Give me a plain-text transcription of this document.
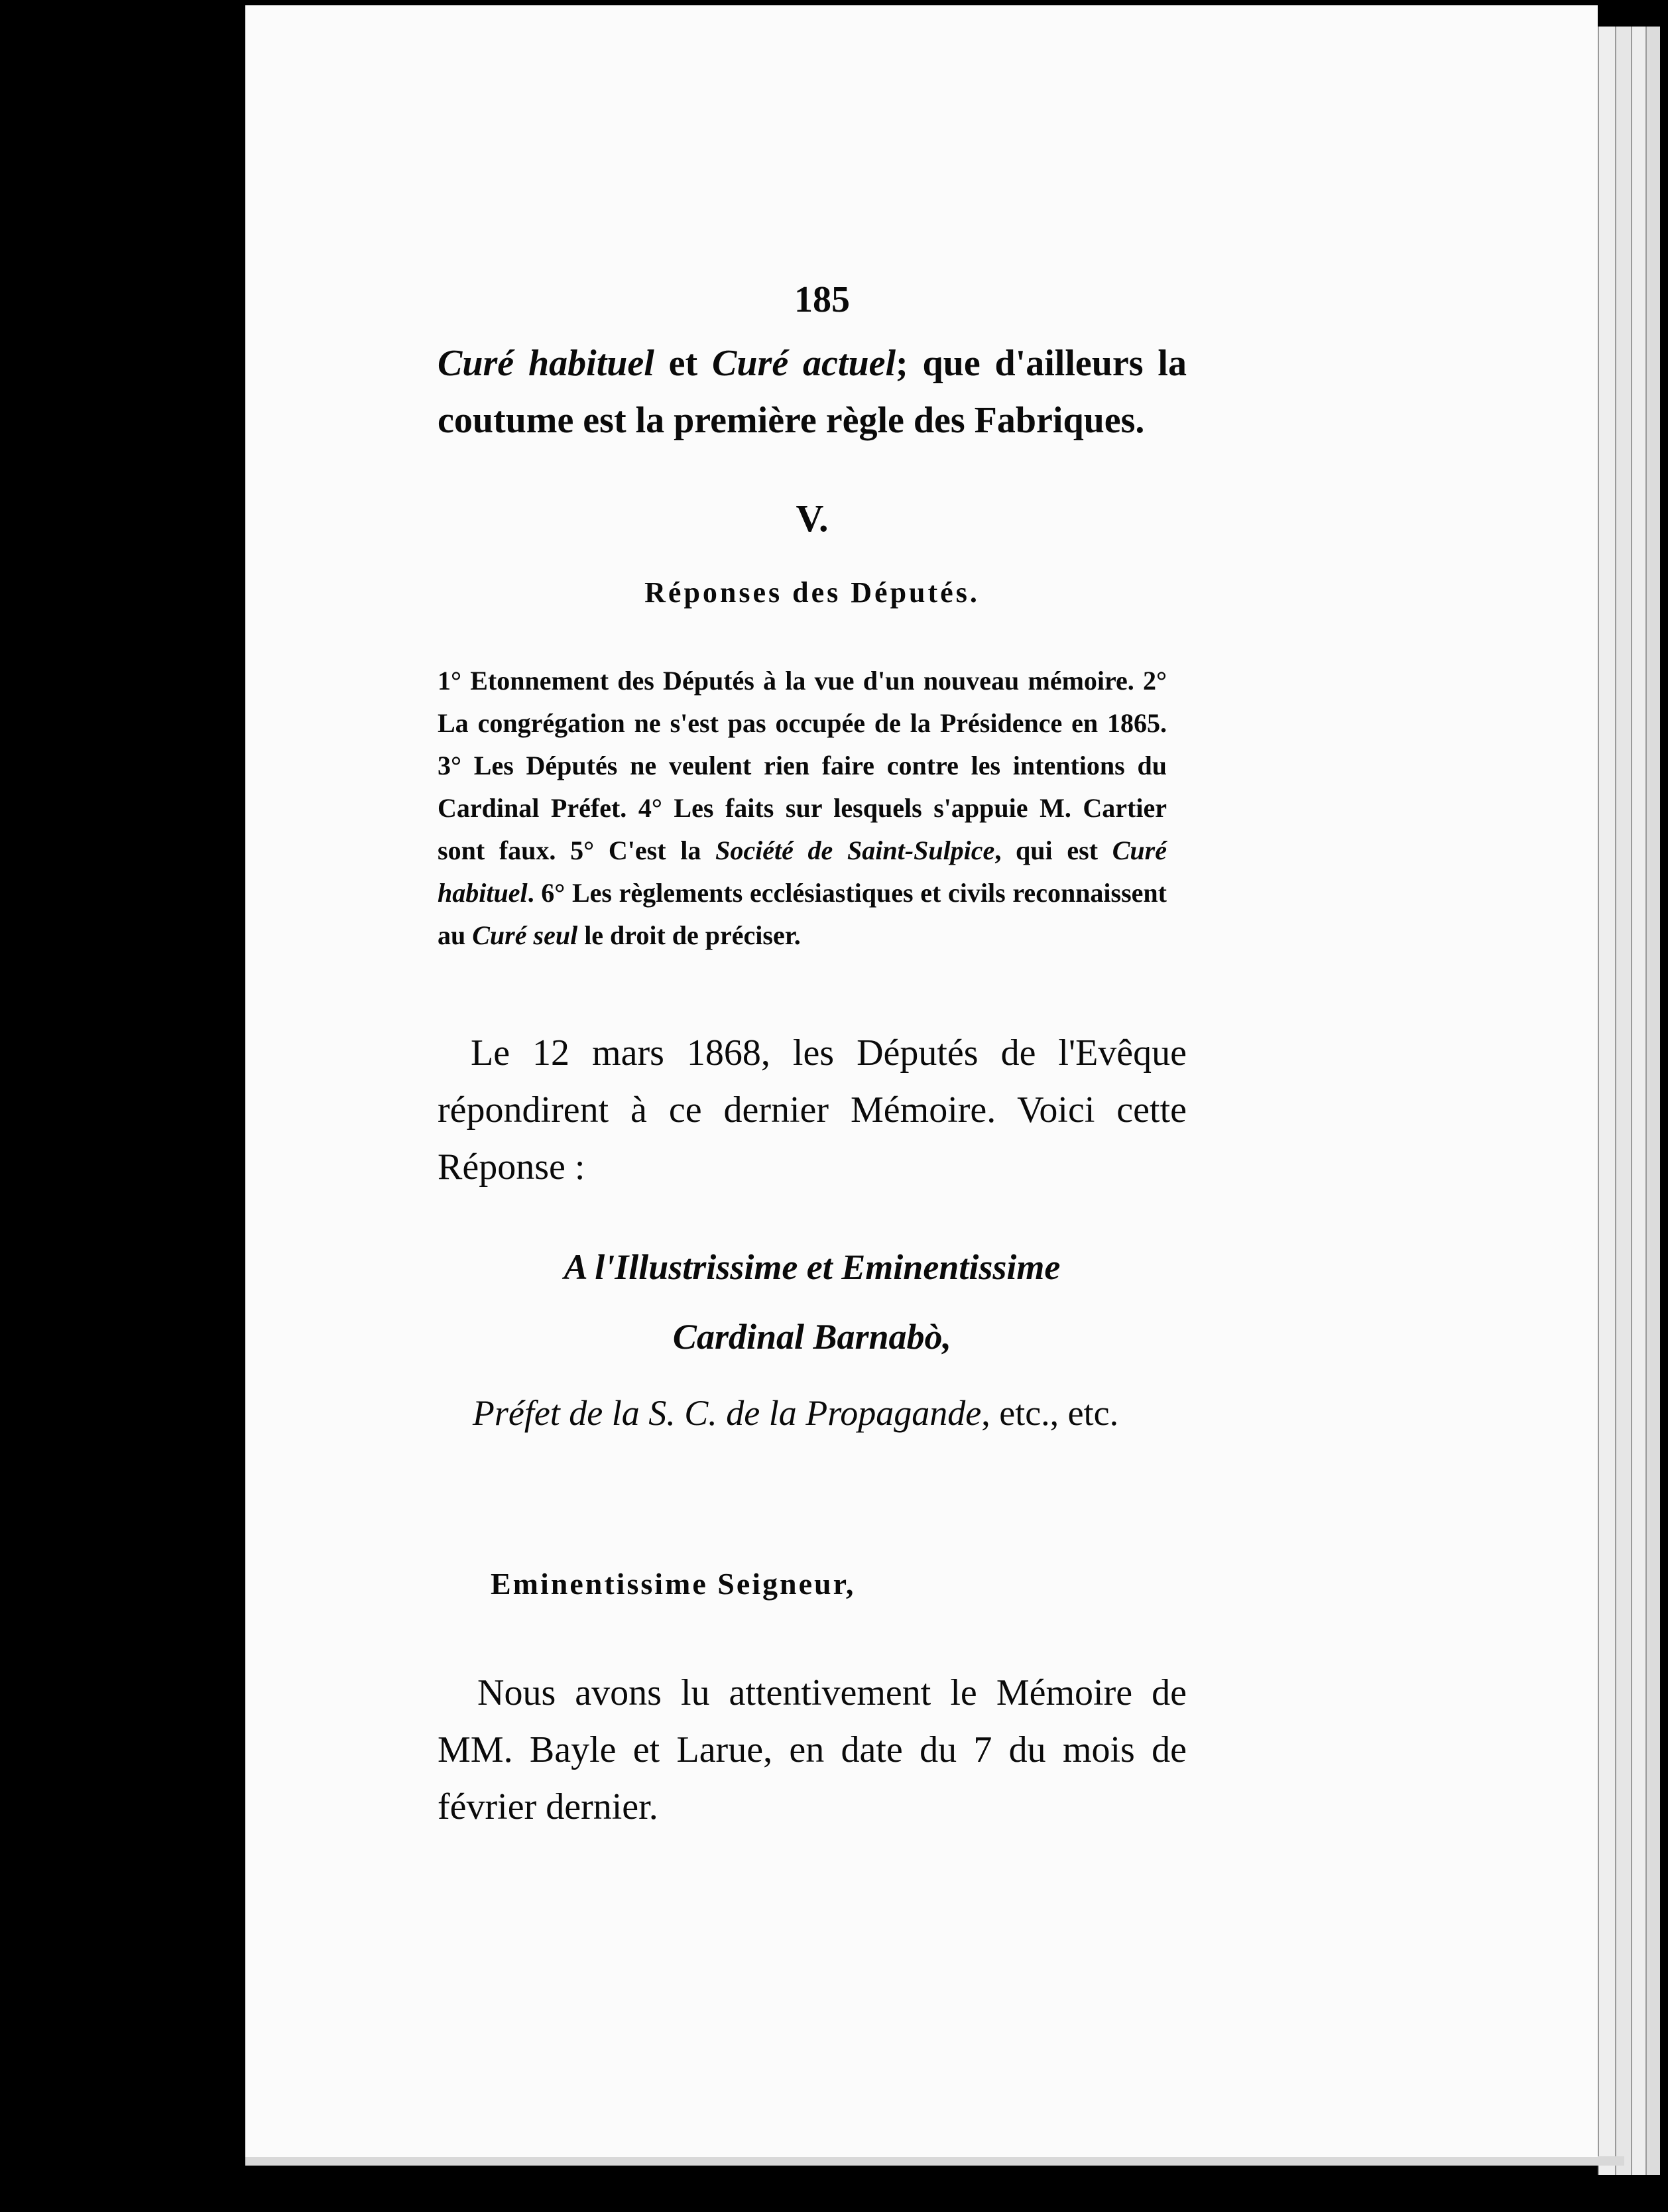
185
Curé habituel et Curé actuel; que d'ailleurs la coutume est la première règle des Fabriques.
V.
Réponses des Députés.
1° Etonnement des Députés à la vue d'un nouveau mémoire. 2° La congrégation ne s'est pas occupée de la Présidence en 1865. 3° Les Députés ne veulent rien faire contre les intentions du Cardinal Préfet. 4° Les faits sur lesquels s'appuie M. Cartier sont faux. 5° C'est la Société de Saint-Sulpice, qui est Curé habituel. 6° Les règlements ecclésiastiques et civils reconnaissent au Curé seul le droit de préciser.
Le 12 mars 1868, les Députés de l'Evêque répondirent à ce dernier Mémoire. Voici cette Réponse :
A l'Illustrissime et Eminentissime
Cardinal Barnabò,
Préfet de la S. C. de la Propagande, etc., etc.
Eminentissime Seigneur,
Nous avons lu attentivement le Mémoire de MM. Bayle et Larue, en date du 7 du mois de février dernier.
